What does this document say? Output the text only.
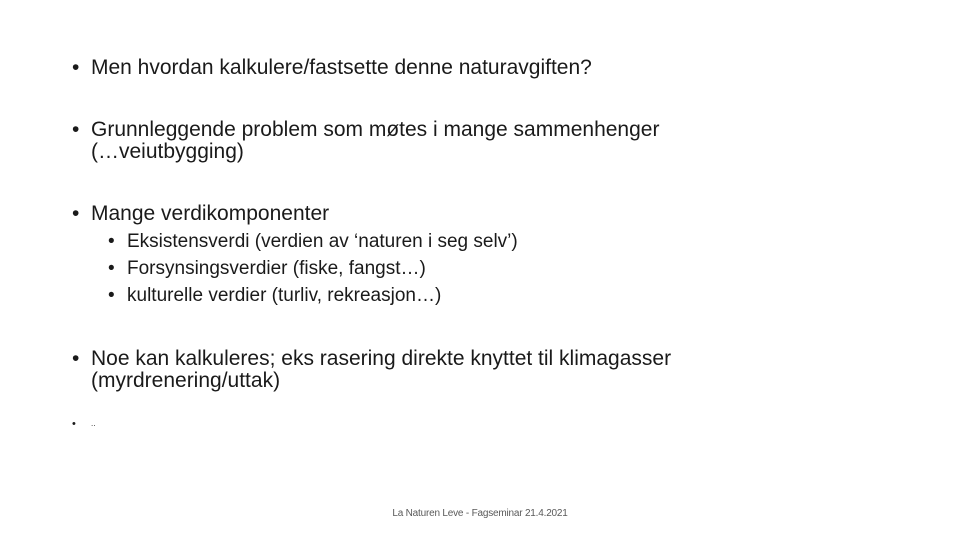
• Men hvordan kalkulere/fastsette denne naturavgiften?
• Grunnleggende problem som møtes i mange sammenhenger
(…veiutbygging)
• Mange verdikomponenter
• Eksistensverdi (verdien av ‘naturen i seg selv’)
• Forsynsingsverdier (fiske, fangst…)
• kulturelle verdier (turliv, rekreasjon…)
• Noe kan kalkuleres; eks rasering direkte knyttet til klimagasser
(myrdrenering/uttak)
•	..
La Naturen Leve - Fagseminar 21.4.2021
